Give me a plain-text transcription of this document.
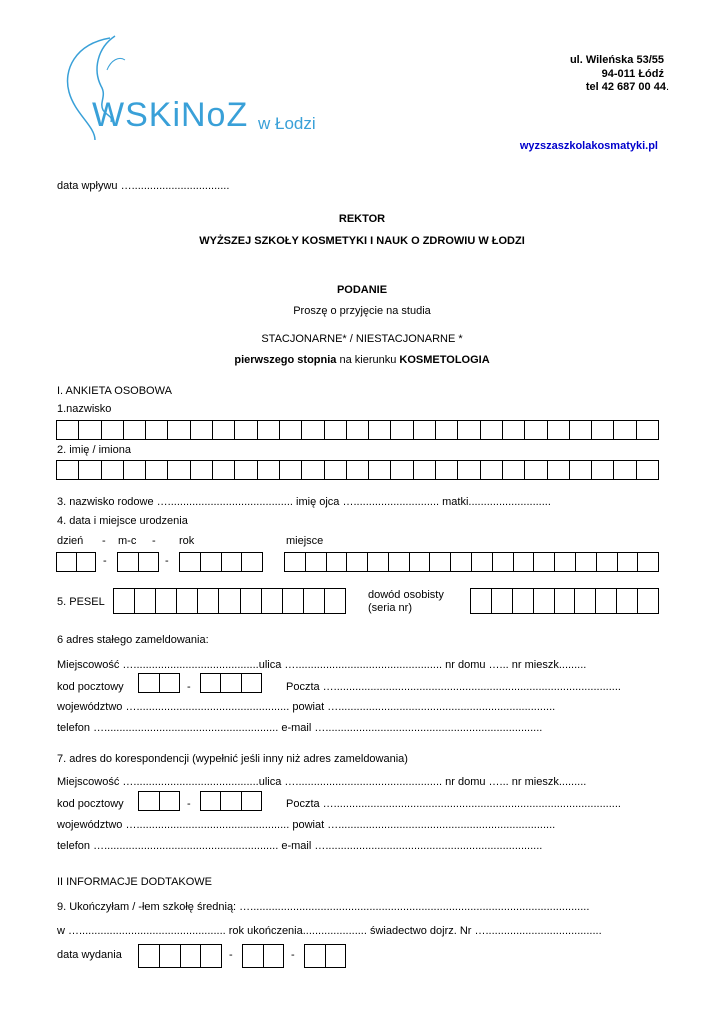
WSKiNoZ w Łodzi
ul. Wileńska 53/55
94-011 Łódź
tel 42 687 00 44.
wyzszaszkolakosmatyki.pl
data wpływu …................................
REKTOR
WYŻSZEJ SZKOŁY KOSMETYKI I NAUK O ZDROWIU W ŁODZI
PODANIE
Proszę o przyjęcie na studia
STACJONARNE* / NIESTACJONARNE *
pierwszego stopnia na kierunku KOSMETOLOGIA
I. ANKIETA OSOBOWA
1.nazwisko
2. imię / imiona
3. nazwisko rodowe …......................................... imię ojca …............................ matki...........................
4. data i miejsce urodzenia
dzień - m-c - rok	miejsce
-	-
5. PESEL
dowód osobisty
(seria nr)
6 adres stałego zameldowania:
Miejscowość ….........................................ulica …................................................ nr domu …... nr mieszk.........
kod pocztowy	-	Poczta …..............................................................................................
województwo ….................................................. powiat ….......................................................................
telefon …......................................................... e-mail ….......................................................................
7. adres do korespondencji (wypełnić jeśli inny niż adres zameldowania)
Miejscowość ….........................................ulica …................................................ nr domu …... nr mieszk.........
kod pocztowy	-	Poczta …..............................................................................................
województwo ….................................................. powiat ….......................................................................
telefon …......................................................... e-mail ….......................................................................
II INFORMACJE DODTAKOWE
9. Ukończyłam / -łem szkołę średnią: …...............................................................................................................
w …................................................ rok ukończenia..................... świadectwo dojrz. Nr …......................................
data wydania	-	-
